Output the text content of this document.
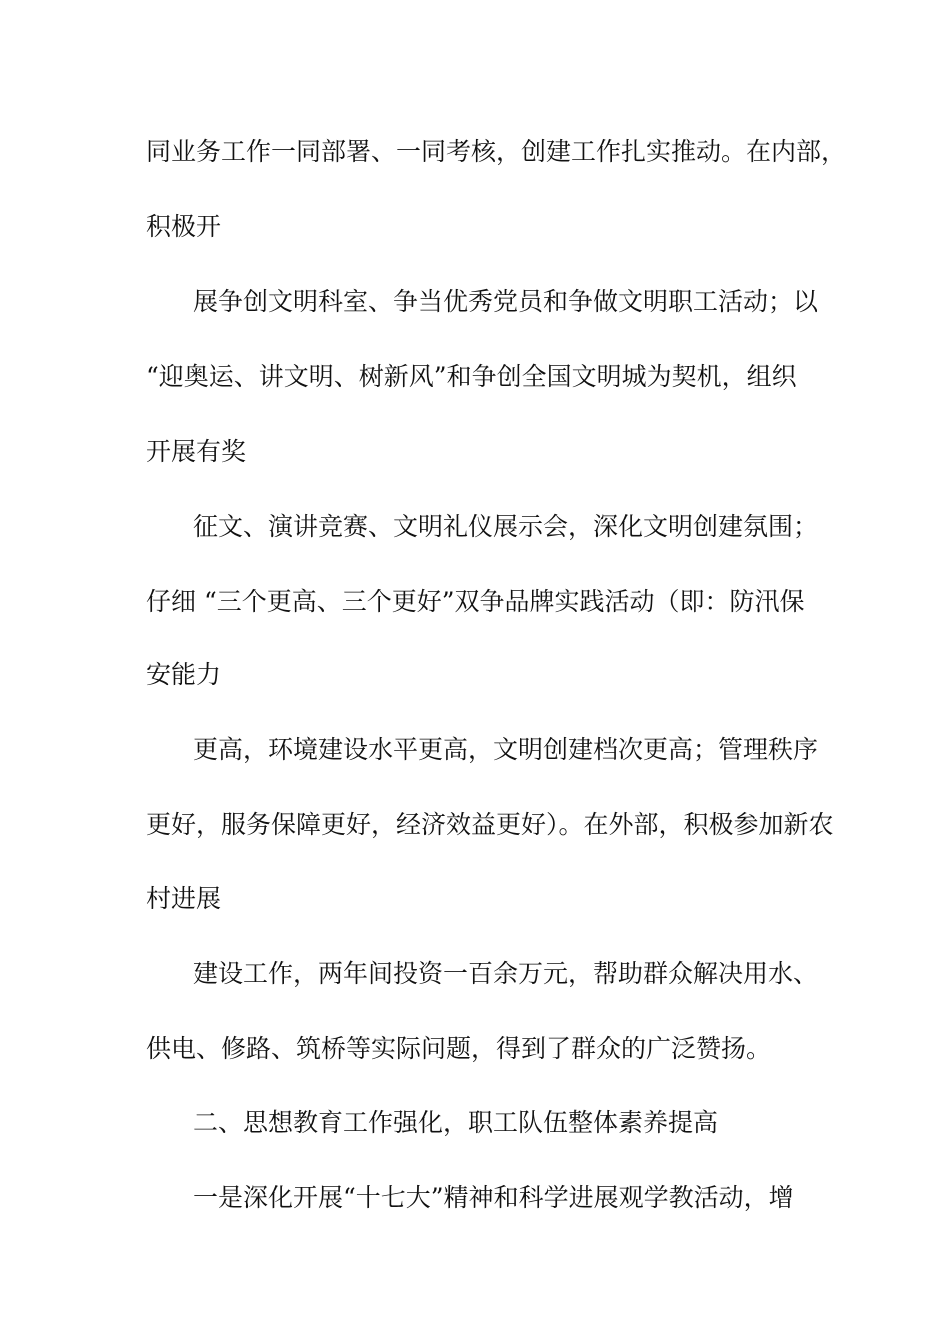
同业务工作一同部署、一同考核，创建工作扎实推动。在内部，
积极开
展争创文明科室、争当优秀党员和争做文明职工活动；以
“迎奥运、讲文明、树新风”和争创全国文明城为契机，组织
开展有奖
征文、演讲竞赛、文明礼仪展示会，深化文明创建氛围；
仔细 “三个更高、三个更好”双争品牌实践活动（即：防汛保
安能力
更高，环境建设水平更高，文明创建档次更高；管理秩序
更好，服务保障更好，经济效益更好）。在外部，积极参加新农
村进展
建设工作，两年间投资一百余万元，帮助群众解决用水、
供电、修路、筑桥等实际问题，得到了群众的广泛赞扬。
二、思想教育工作强化，职工队伍整体素养提高
一是深化开展“十七大”精神和科学进展观学教活动，增
